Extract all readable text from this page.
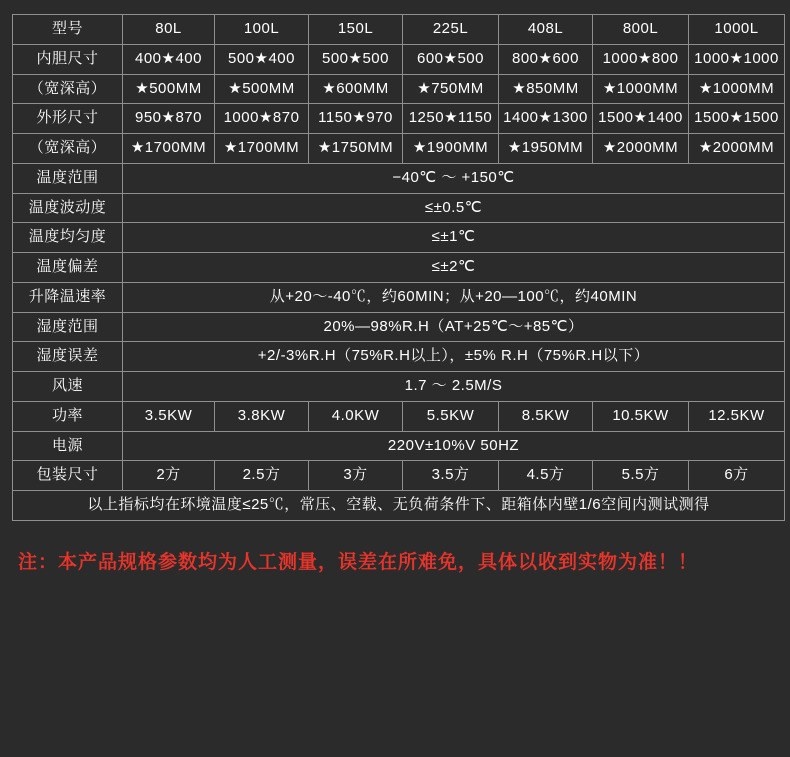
型号	80L	100L	150L	225L	408L	800L	1000L
内胆尺寸	400★400	500★400	500★500	600★500	800★600	1000★800	1000★1000
（宽深高）	★500MM	★500MM	★600MM	★750MM	★850MM	★1000MM	★1000MM
外形尺寸	950★870	1000★870	1150★970	1250★1150	1400★1300	1500★1400	1500★1500
（宽深高）	★1700MM	★1700MM	★1750MM	★1900MM	★1950MM	★2000MM	★2000MM
温度范围	−40℃ ～ +150℃						
温度波动度	≤±0.5℃						
温度均匀度	≤±1℃						
温度偏差	≤±2℃						
升降温速率	从+20～-40℃，约60MIN；从+20—100℃，约40MIN						
湿度范围	20%—98%R.H（AT+25℃～+85℃）						
湿度误差	+2/-3%R.H（75%R.H以上），±5% R.H（75%R.H以下）						
风速	1.7 ～ 2.5M/S						
功率	3.5KW	3.8KW	4.0KW	5.5KW	8.5KW	10.5KW	12.5KW
电源	220V±10%V 50HZ						
包装尺寸	2方	2.5方	3方	3.5方	4.5方	5.5方	6方
以上指标均在环境温度≤25℃，常压、空载、无负荷条件下、距箱体内壁1/6空间内测试测得							
注：本产品规格参数均为人工测量，误差在所难免，具体以收到实物为准！！
